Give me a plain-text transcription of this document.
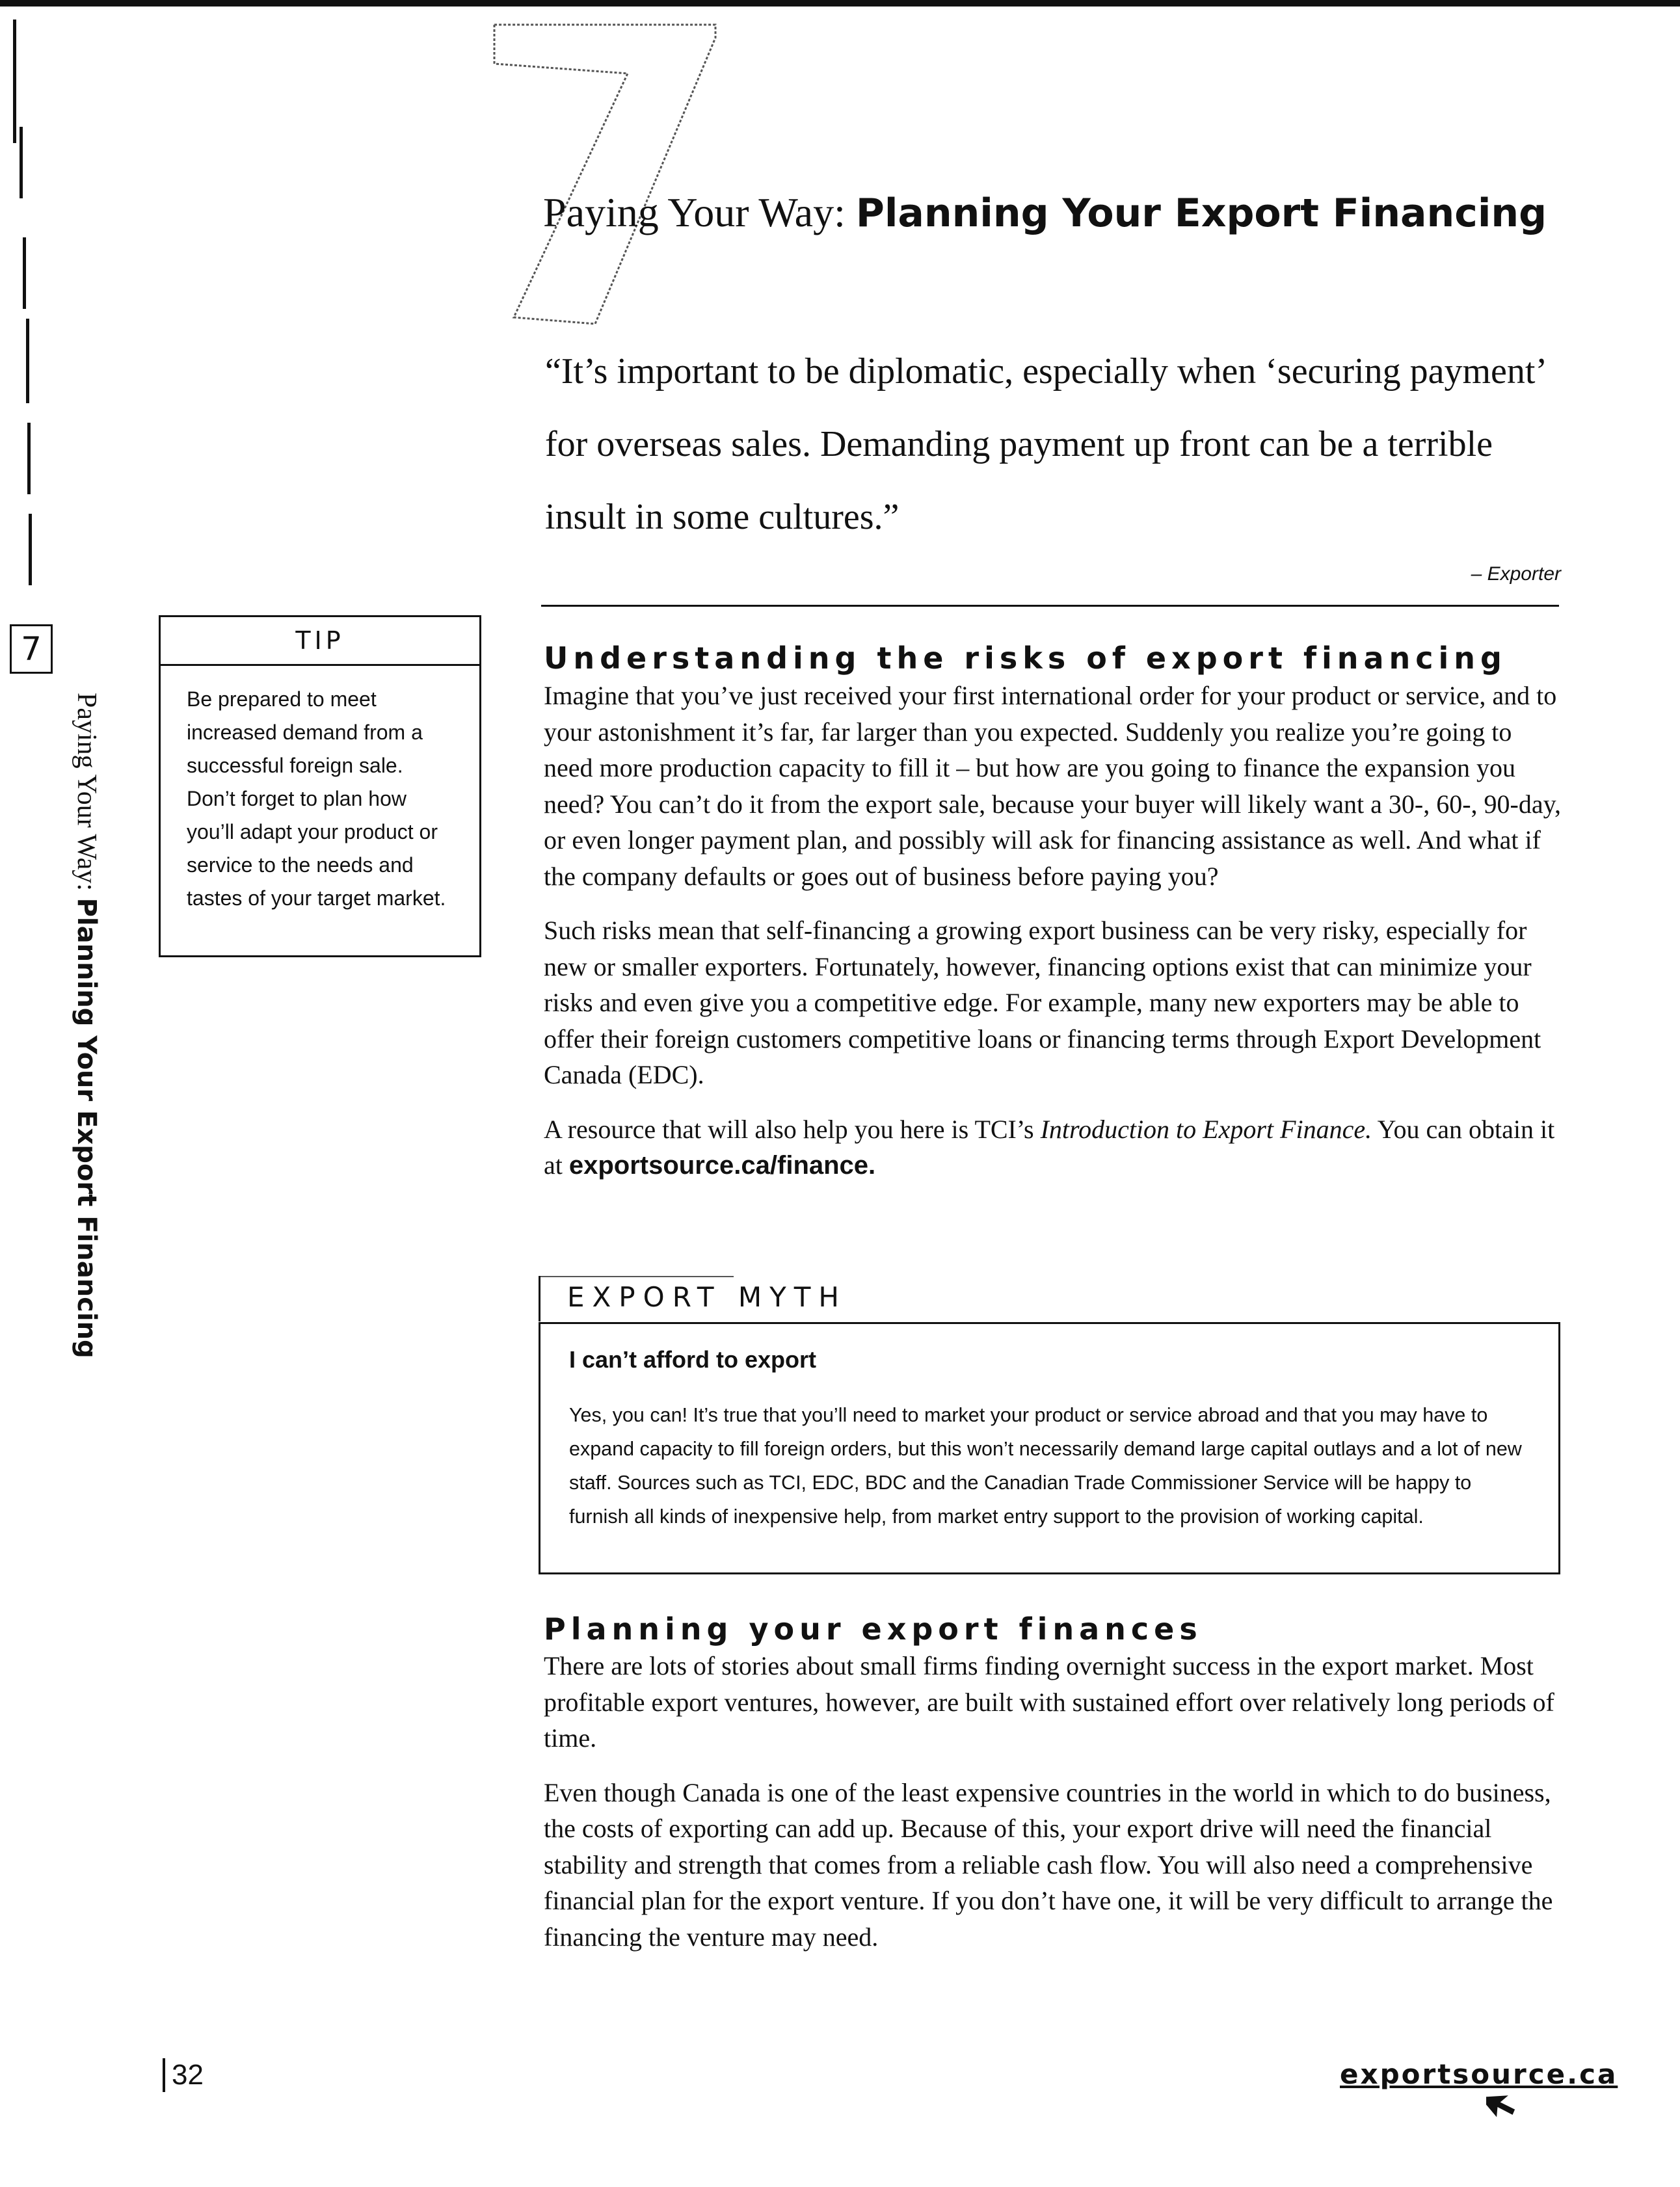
Paying Your Way: Planning Your Export Financing
“It’s important to be diplomatic, especially when ‘securing payment’ for overseas sales. Demanding payment up front can be a terrible insult in some cultures.”
– Exporter
7
Paying Your Way: Planning Your Export Financing
TIP
Be prepared to meet increased demand from a successful foreign sale. Don’t forget to plan how you’ll adapt your product or service to the needs and tastes of your target market.
Understanding the risks of export financing

Imagine that you’ve just received your first international order for your product or service, and to your astonishment it’s far, far larger than you expected. Suddenly you realize you’re going to need more production capacity to fill it – but how are you going to finance the expansion you need? You can’t do it from the export sale, because your buyer will likely want a 30-, 60-, 90-day, or even longer payment plan, and possibly will ask for financing assistance as well. And what if the company defaults or goes out of business before paying you?

Such risks mean that self-financing a growing export business can be very risky, especially for new or smaller exporters. Fortunately, however, financing options exist that can minimize your risks and even give you a competitive edge. For example, many new exporters may be able to offer their foreign customers competitive loans or financing terms through Export Development Canada (EDC).

A resource that will also help you here is TCI’s Introduction to Export Finance. You can obtain it at exportsource.ca/finance.

EXPORT MYTH
I can’t afford to export
Yes, you can! It’s true that you’ll need to market your product or service abroad and that you may have to expand capacity to fill foreign orders, but this won’t necessarily demand large capital outlays and a lot of new staff. Sources such as TCI, EDC, BDC and the Canadian Trade Commissioner Service will be happy to furnish all kinds of inexpensive help, from market entry support to the provision of working capital.
Planning your export finances

There are lots of stories about small firms finding overnight success in the export market. Most profitable export ventures, however, are built with sustained effort over relatively long periods of time.

Even though Canada is one of the least expensive countries in the world in which to do business, the costs of exporting can add up. Because of this, your export drive will need the financial stability and strength that comes from a reliable cash flow. You will also need a comprehensive financial plan for the export venture. If you don’t have one, it will be very difficult to arrange the financing the venture may need.

32	exportsource.ca
